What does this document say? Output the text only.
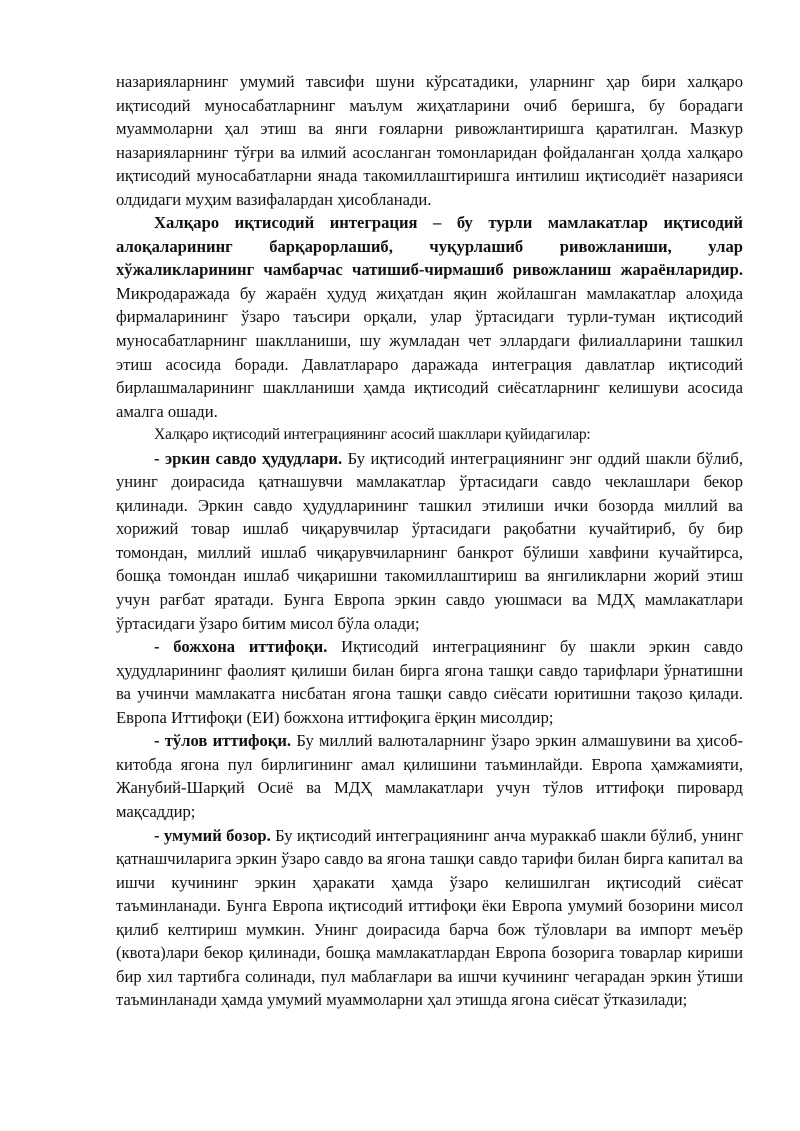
назарияларнинг умумий тавсифи шуни кўрсатадики, уларнинг ҳар бири халқаро иқтисодий муносабатларнинг маълум жиҳатларини очиб беришга, бу борадаги муаммоларни ҳал этиш ва янги ғояларни ривожлантиришга қаратилган. Мазкур назарияларнинг тўғри ва илмий асосланган томонларидан фойдаланган ҳолда халқаро иқтисодий муносабатларни янада такомиллаштиришга интилиш иқтисодиёт назарияси олдидаги муҳим вазифалардан ҳисобланади.

Халқаро иқтисодий интеграция – бу турли мамлакатлар иқтисодий алоқаларининг барқарорлашиб, чуқурлашиб ривожланиши, улар хўжаликларининг чамбарчас чатишиб-чирмашиб ривожланиш жараёнларидир. Микродаражада бу жараён ҳудуд жиҳатдан яқин жойлашган мамлакатлар алоҳида фирмаларининг ўзаро таъсири орқали, улар ўртасидаги турли-туман иқтисодий муносабатларнинг шаклланиши, шу жумладан чет эллардаги филиалларини ташкил этиш асосида боради. Давлатлараро даражада интеграция давлатлар иқтисодий бирлашмаларининг шаклланиши ҳамда иқтисодий сиёсатларнинг келишуви асосида амалга ошади.

Халқаро иқтисодий интеграциянинг асосий шакллари қуйидагилар:

- эркин савдо ҳудудлари. Бу иқтисодий интеграциянинг энг оддий шакли бўлиб, унинг доирасида қатнашувчи мамлакатлар ўртасидаги савдо чеклашлари бекор қилинади. Эркин савдо ҳудудларининг ташкил этилиши ички бозорда миллий ва хорижий товар ишлаб чиқарувчилар ўртасидаги рақобатни кучайтириб, бу бир томондан, миллий ишлаб чиқарувчиларнинг банкрот бўлиши хавфини кучайтирса, бошқа томондан ишлаб чиқаришни такомиллаштириш ва янгиликларни жорий этиш учун рағбат яратади. Бунга Европа эркин савдо уюшмаси ва МДҲ мамлакатлари ўртасидаги ўзаро битим мисол бўла олади;

- божхона иттифоқи. Иқтисодий интеграциянинг бу шакли эркин савдо ҳудудларининг фаолият қилиши билан бирга ягона ташқи савдо тарифлари ўрнатишни ва учинчи мамлакатга нисбатан ягона ташқи савдо сиёсати юритишни тақозо қилади. Европа Иттифоқи (ЕИ) божхона иттифоқига ёрқин мисолдир;

- тўлов иттифоқи. Бу миллий валюталарнинг ўзаро эркин алмашувини ва ҳисоб-китобда ягона пул бирлигининг амал қилишини таъминлайди. Европа ҳамжамияти, Жанубий-Шарқий Осиё ва МДҲ мамлакатлари учун тўлов иттифоқи пировард мақсаддир;

- умумий бозор. Бу иқтисодий интеграциянинг анча мураккаб шакли бўлиб, унинг қатнашчиларига эркин ўзаро савдо ва ягона ташқи савдо тарифи билан бирга капитал ва ишчи кучининг эркин ҳаракати ҳамда ўзаро келишилган иқтисодий сиёсат таъминланади. Бунга Европа иқтисодий иттифоқи ёки Европа умумий бозорини мисол қилиб келтириш мумкин. Унинг доирасида барча бож тўловлари ва импорт меъёр (квота)лари бекор қилинади, бошқа мамлакатлардан Европа бозорига товарлар кириши бир хил тартибга солинади, пул маблағлари ва ишчи кучининг чегарадан эркин ўтиши таъминланади ҳамда умумий муаммоларни ҳал этишда ягона сиёсат ўтказилади;
